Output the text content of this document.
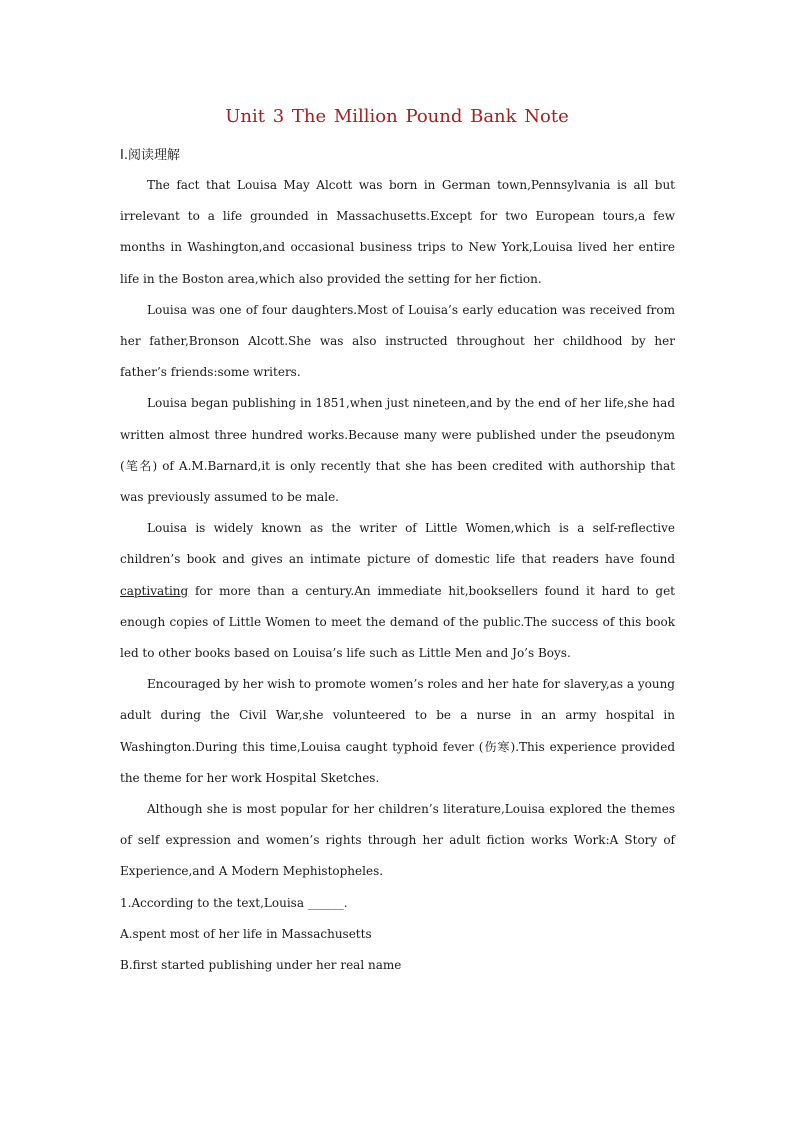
Unit 3 The Million Pound Bank Note
Ⅰ.阅读理解

The fact that Louisa May Alcott was born in German town,Pennsylvania is all but irrelevant to a life grounded in Massachusetts.Except for two European tours,a few months in Washington,and occasional business trips to New York,Louisa lived her entire life in the Boston area,which also provided the setting for her fiction.

Louisa was one of four daughters.Most of Louisa’s early education was received from her father,Bronson Alcott.She was also instructed throughout her childhood by her father’s friends:some writers.

Louisa began publishing in 1851,when just nineteen,and by the end of her life,she had written almost three hundred works.Because many were published under the pseudonym (笔名) of A.M.Barnard,it is only recently that she has been credited with authorship that was previously assumed to be male.

Louisa is widely known as the writer of Little Women,which is a self-reflective children’s book and gives an intimate picture of domestic life that readers have found captivating for more than a century.An immediate hit,booksellers found it hard to get enough copies of Little Women to meet the demand of the public.The success of this book led to other books based on Louisa’s life such as Little Men and Jo’s Boys.

Encouraged by her wish to promote women’s roles and her hate for slavery,as a young adult during the Civil War,she volunteered to be a nurse in an army hospital in Washington.During this time,Louisa caught typhoid fever (伤寒).This experience provided the theme for her work Hospital Sketches.

Although she is most popular for her children’s literature,Louisa explored the themes of self expression and women’s rights through her adult fiction works Work:A Story of Experience,and A Modern Mephistopheles.

1.According to the text,Louisa ______.

A.spent most of her life in Massachusetts

B.first started publishing under her real name
